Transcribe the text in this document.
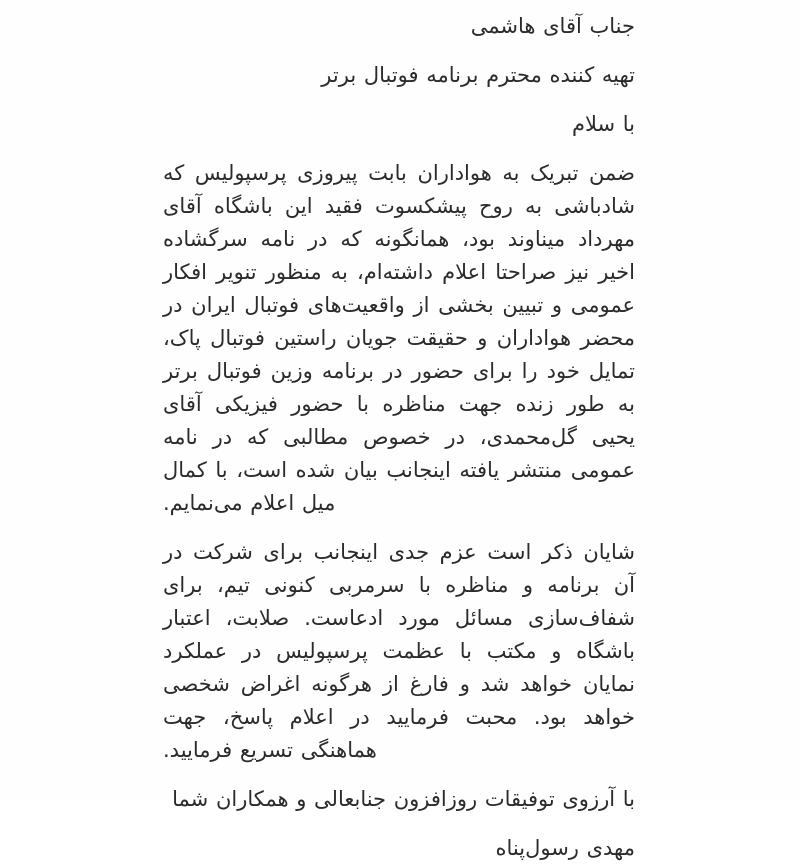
جناب آقای هاشمی
تهیه کننده محترم برنامه فوتبال برتر
با سلام

ضمن تبریک به هواداران بابت پیروزی پرسپولیس که شادباشی به روح پیشکسوت فقید این باشگاه آقای مهرداد میناوند بود، همانگونه که در نامه سرگشاده اخیر نیز صراحتا اعلام داشته‌ام، به منظور تنویر افکار عمومی و تبیین بخشی از واقعیت‌های فوتبال ایران در محضر هواداران و حقیقت جویان راستین فوتبال پاک، تمایل خود را برای حضور در برنامه وزین فوتبال برتر به طور زنده جهت مناظره با حضور فیزیکی آقای یحیی گل‌محمدی، در خصوص مطالبی که در نامه عمومی منتشر یافته اینجانب بیان شده است، با کمال میل اعلام می‌نمایم.

شایان ذکر است عزم جدی اینجانب برای شرکت در آن برنامه و مناظره با سرمربی کنونی تیم، برای شفاف‌سازی مسائل مورد ادعاست. صلابت، اعتبار باشگاه و مکتب با عظمت پرسپولیس در عملکرد نمایان خواهد شد و فارغ از هرگونه اغراض شخصی خواهد بود. محبت فرمایید در اعلام پاسخ، جهت هماهنگی تسریع فرمایید.

با آرزوی توفیقات روزافزون جنابعالی و همکاران شما
مهدی رسول‌پناه
